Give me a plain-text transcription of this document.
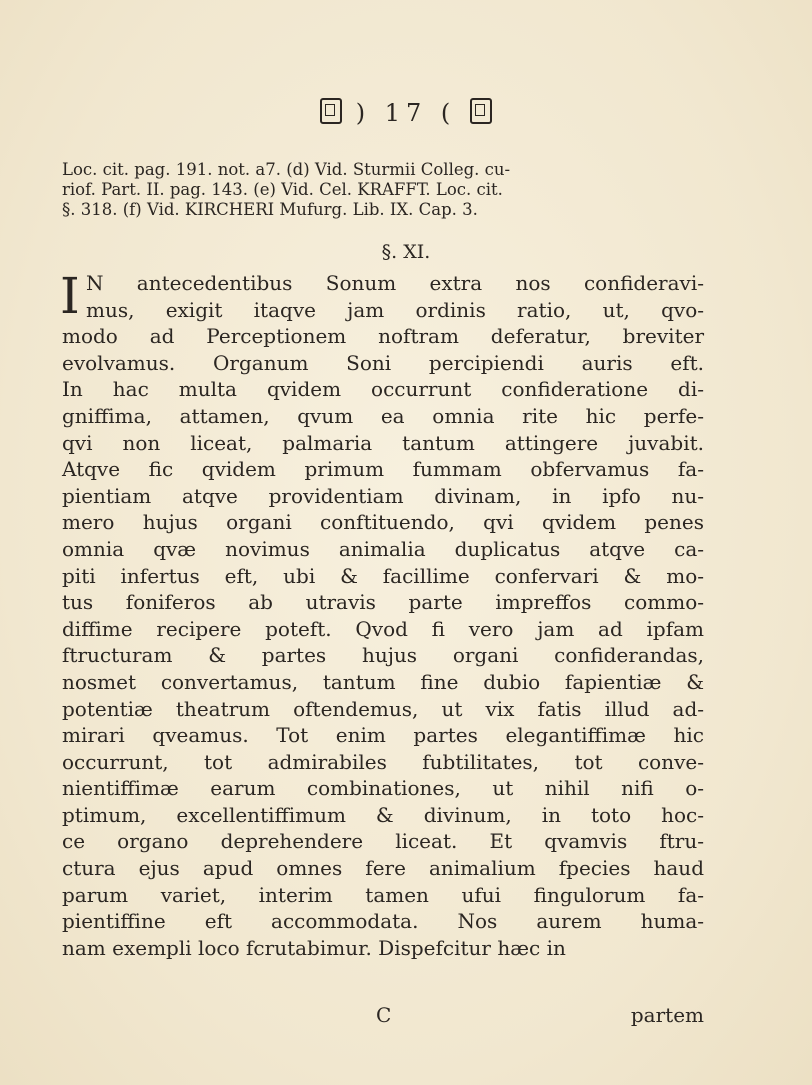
) 17 (
Loc. cit. pag. 191. not. a7. (d) Vid. Sturmii Colleg. cu-
riof. Part. II. pag. 143. (e) Vid. Cel. KRAFFT. Loc. cit.
§. 318. (f) Vid. KIRCHERI Mufurg. Lib. IX. Cap. 3.
§. XI.
I N antecedentibus Sonum extra nos confideravi-
mus, exigit itaqve jam ordinis ratio, ut, qvo-
modo ad Perceptionem noftram deferatur, breviter
evolvamus. Organum Soni percipiendi auris eft.
In hac multa qvidem occurrunt confideratione di-
gniffima, attamen, qvum ea omnia rite hic perfe-
qvi non liceat, palmaria tantum attingere juvabit.
Atqve fic qvidem primum fummam obfervamus fa-
pientiam atqve providentiam divinam, in ipfo nu-
mero hujus organi conftituendo, qvi qvidem penes
omnia qvæ novimus animalia duplicatus atqve ca-
piti infertus eft, ubi & facillime confervari & mo-
tus foniferos ab utravis parte impreffos commo-
diffime recipere poteft. Qvod fi vero jam ad ipfam
ftructuram & partes hujus organi confiderandas,
nosmet convertamus, tantum fine dubio fapientiæ &
potentiæ theatrum oftendemus, ut vix fatis illud ad-
mirari qveamus. Tot enim partes elegantiffimæ hic
occurrunt, tot admirabiles fubtilitates, tot conve-
nientiffimæ earum combinationes, ut nihil nifi o-
ptimum, excellentiffimum & divinum, in toto hoc-
ce organo deprehendere liceat. Et qvamvis ftru-
ctura ejus apud omnes fere animalium fpecies haud
parum variet, interim tamen ufui fingulorum fa-
pientiffine eft accommodata. Nos aurem huma-
nam exempli loco fcrutabimur. Dispefcitur hæc in
C	partem
